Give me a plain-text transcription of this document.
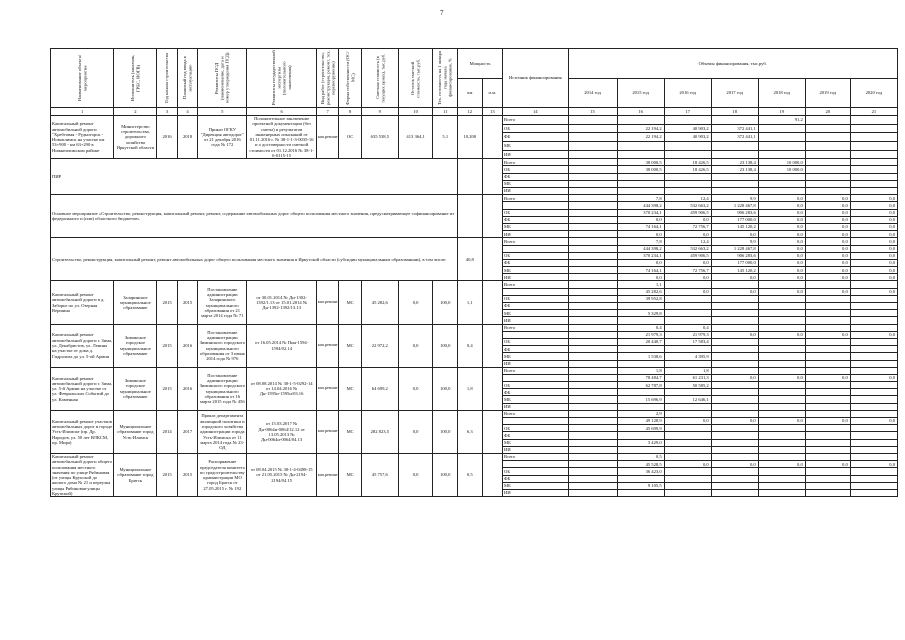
7
Наименование объекта/мероприятия	Исполнитель (заказчик, ГРБС, ИОГВ)	Год начала строительства	Плановый год ввода в эксплуатацию	Реквизиты ПСД (наименование, дата и номер утверждения ПСД)	Реквизиты государственной экспертизы (положительного заключения)	Вид работ (строительство, реконструкция, ремонт, тех. перевооружение)	Форма собственности (ОС/МС)	Сметная стоимость (в текущих ценах), тыс.руб.	Остаток сметной стоимости, тыс.руб.	Тех. готовность на 1 января года начала финансирования, %	Мощность		Источник финансирования	Объемы финансирования, тыс.руб.						
											км	п.м.		2014 год	2015 год	2016 год	2017 год	2018 год	2019 год	2020 год
1	2	3	4	5	6	7	8	9	10	11	12	13	14	15	16	17	18	19	20	21
Капитальный ремонт автомобильной дороги "Хребтовая - Рудногорск - Новоилимск на участке км 53+900 - км 63+290 в Нижнеилимском районе	Министерство строительства, дорожного хозяйства Иркутской области	2016	2018	Приказ ОГКУ "Дирекция автодорог" от 21 декабря 2016 года № 172	Положительное заключение проектной документации (без сметы) и результатов инженерных изысканий от 01.11.2016 г. № 38-1-1-3-0035-16 и о достоверности сметной стоимости от 01.12.2016 № 38-1-6-0115-15	кап.ремонт	ОС	635 538,5	413 364,1	5,1	10,200		Всего					91,2		
													ОБ		22 194,2	40 903,2	372 441,1			
													ФБ		22 194,2	40 903,2	372 441,1			
													МБ							
													ИИ							
ПИР													Всего		38 000,5	18 426,5	23 138,4	10 000,0		
													ОБ		38 000,5	18 426,5	23 138,4	10 000,0		
													ФБ							
													МБ							
													ИИ							
Основное мероприятие «Строительство, реконструкция, капитальный ремонт, ремонт, содержание автомобильных дорог общего пользования местного значения, предусматривающее софинансирование из федерального и (или) областного бюджетов»													Всего		7,8	12,4	9,9	0,0	0,0	0,0
															444 398,2	532 663,2	1 228 467,8	0,0	0,0	0,0
													ОБ		370 234,1	459 906,5	906 283,6	0,0	0,0	0,0
													ФБ		0,0	0,0	177 000,0	0,0	0,0	0,0
													МБ		74 164,1	72 756,7	145 120,2	0,0	0,0	0,0
													ИИ		0,0	0,0	0,0	0,0	0,0	0,0
Строительство, реконструкция, капитальный ремонт, ремонт автомобильных дорог общего пользования местного значения в Иркутской области (субсидии муниципальным образованиям), в том числе:											40,8		Всего		7,8	12,4	9,9	0,0	0,0	0,0
															444 398,2	532 663,2	1 228 467,8	0,0	0,0	0,0
													ОБ		370 234,1	459 906,5	906 283,6	0,0	0,0	0,0
													ФБ		0,0	0,0	177 000,0	0,0	0,0	0,0
													МБ		74 164,1	72 756,7	145 120,2	0,0	0,0	0,0
													ИИ		0,0	0,0	0,0	0,0	0,0	0,0
Капитальный ремонт автомобильной дороги в д. Заборье по ул. Озерная Вершина	Заларинское муниципальное образование	2015	2015	Постановление администрации Заларинского муниципального образования от 21 марта 2014 года № 71	от 30.01.2014 № Дн-1302-1392/1.13 от 15.01.2014 № Дн-1392-1392/13.13	кап.ремонт	МС	45 282,6	0,0	100,0	1,1		Всего		1,1					
															45 282,6	0,0	0,0	0,0	0,0	0,0
													ОБ		39 952,8					
													ФБ							
													МБ		5 329,8					
													ИИ							
Капитальный ремонт автомобильной дороги г. Зима, ул. Декабристов, ул. Ленина на участке от дома д. Гидролиза до ул. 5-ой Армии	Зиминское городское муниципальное образование	2015	2016	Постановление администрации Зиминского городского муниципального образования от 3 июня 2014 года № 976	от 16.05.2014 № Пин-1594-1594/02.14	кап.ремонт	МС	22 972,2	0,0	100,0	0,4		Всего		0,4	0,4				
															21 979,3	21 979,3	0,0	0,0	0,0	0,0
													ОБ		20 440,7	17 583,4				
													ФБ							
													МБ		1 538,6	4 395,9				
													ИИ							
Капитальный ремонт автомобильной дороги г. Зима, ул. 5-й Армии на участке от ул. Февральских Событий до ул. Каменная	Зиминское городское муниципальное образование	2015	2016	Постановление администрации Зиминского городского муниципального образования от 16 марта 2015 года № 456	от 08.08.2014 № 38-1-5-0292-14 от 14.04.2016 № Дн-1595и-1595и/03.16	кап.ремонт	МС	64 699,2	0,0	100,0	1,8		Всего		1,8	1,8				
															78 484,7	61 231,3	0,0	0,0	0,0	0,0
													ОБ		62 787,8	50 585,2				
													ФБ							
													МБ		15 696,9	12 646,1				
													ИИ							
Капитальный ремонт участков автомобильных дорог в городе Усть-Илимске (пр. Др. Народов, ул. 50 лет ВЛКСМ, пр. Мира)	Муниципальное образование город Усть-Илимск	2014	2017	Приказ департамента жилищной политики и городского хозяйства администрации города Усть-Илимска от 11 марта 2014 года № 23-ОД	от 15.03.2017 № Дн-0064и-0064/12.12 от 13.05.2013 № Дн-0064и-0064/04.13	кап.ремонт	МС	282 823,5	0,0	100,0	6,3		Всего		2,9					
															49 128,9	0,0	0,0	0,0	0,0	0,0
													ОБ		45 699,9					
													ФБ							
													МБ		3 429,0					
													ИИ							
Капитальный ремонт автомобильной дороги общего пользования местного значения по улице Рябиновая (от улицы Крупской до жилого дома № 21 и переулка улицы Рябиновая-улицы Крупской)	Муниципальное образование город Братск	2015	2015	Распоряжение председателя комитета по градостроительству администрации МО город Братск от 27.05.2015 г. № 192	от 08.04.2015 № 38-1-4-0498-15 от 21.05.2015 № Дн-2194-2194/04.15	кап.ремонт	МС	45 757,6	0,0	100,0	0,5		Всего		0,5					
															45 528,5	0,0	0,0	0,0	0,0	0,0
													ОБ		36 423,0					
													ФБ							
													МБ		9 105,5					
													ИИ							
